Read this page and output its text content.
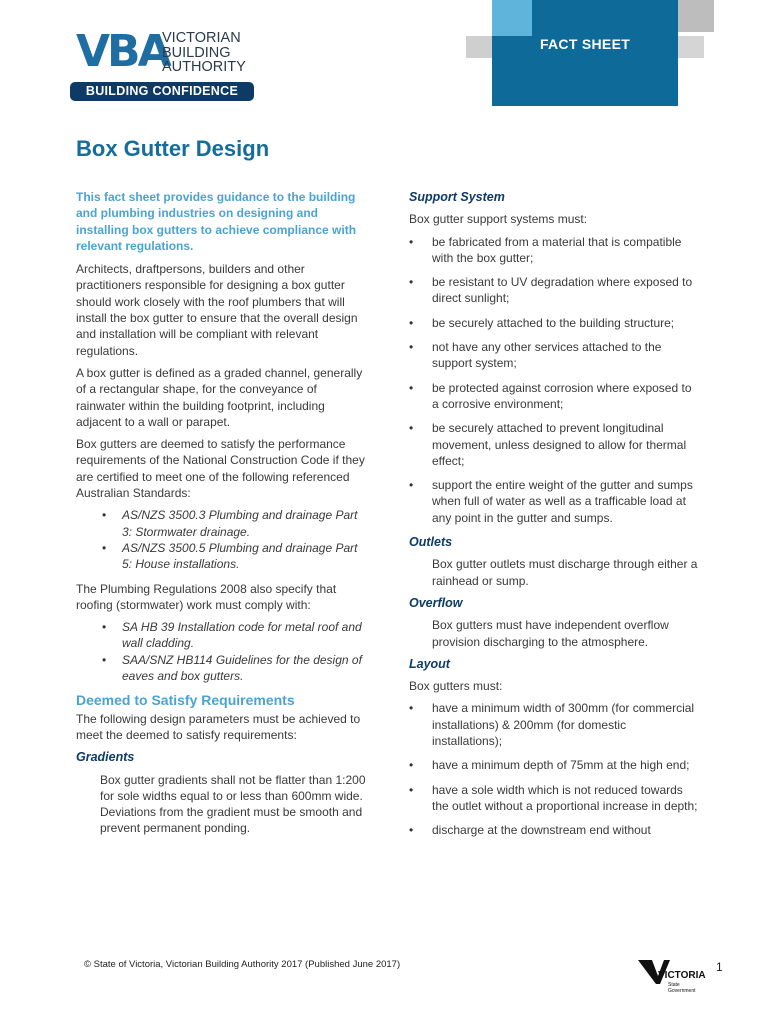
VBA
VICTORIAN
BUILDING
AUTHORITY
BUILDING CONFIDENCE
FACT SHEET
Box Gutter Design

This fact sheet provides guidance to the building and plumbing industries on designing and installing box gutters to achieve compliance with relevant regulations.

Architects, draftpersons, builders and other practitioners responsible for designing a box gutter should work closely with the roof plumbers that will install the box gutter to ensure that the overall design and installation will be compliant with relevant regulations.

A box gutter is defined as a graded channel, generally of a rectangular shape, for the conveyance of rainwater within the building footprint, including adjacent to a wall or parapet.

Box gutters are deemed to satisfy the performance requirements of the National Construction Code if they are certified to meet one of the following referenced Australian Standards:

• AS/NZS 3500.3 Plumbing and drainage Part 3: Stormwater drainage.
• AS/NZS 3500.5 Plumbing and drainage Part 5: House installations.

The Plumbing Regulations 2008 also specify that roofing (stormwater) work must comply with:

• SA HB 39 Installation code for metal roof and wall cladding.
• SAA/SNZ HB114 Guidelines for the design of eaves and box gutters.
Deemed to Satisfy Requirements

The following design parameters must be achieved to meet the deemed to satisfy requirements:

Gradients

Box gutter gradients shall not be flatter than 1:200 for sole widths equal to or less than 600mm wide. Deviations from the gradient must be smooth and prevent permanent ponding.

Support System

Box gutter support systems must:

• be fabricated from a material that is compatible with the box gutter;
• be resistant to UV degradation where exposed to direct sunlight;
• be securely attached to the building structure;
• not have any other services attached to the support system;
• be protected against corrosion where exposed to a corrosive environment;
• be securely attached to prevent longitudinal movement, unless designed to allow for thermal effect;
• support the entire weight of the gutter and sumps when full of water as well as a trafficable load at any point in the gutter and sumps.
Outlets

Box gutter outlets must discharge through either a rainhead or sump.

Overflow

Box gutters must have independent overflow provision discharging to the atmosphere.

Layout

Box gutters must:

• have a minimum width of 300mm (for commercial installations) & 200mm (for domestic installations);
• have a minimum depth of 75mm at the high end;
• have a sole width which is not reduced towards the outlet without a proportional increase in depth;
• discharge at the downstream end without
© State of Victoria, Victorian Building Authority 2017 (Published June 2017)
VICTORIA
State
Government
1
